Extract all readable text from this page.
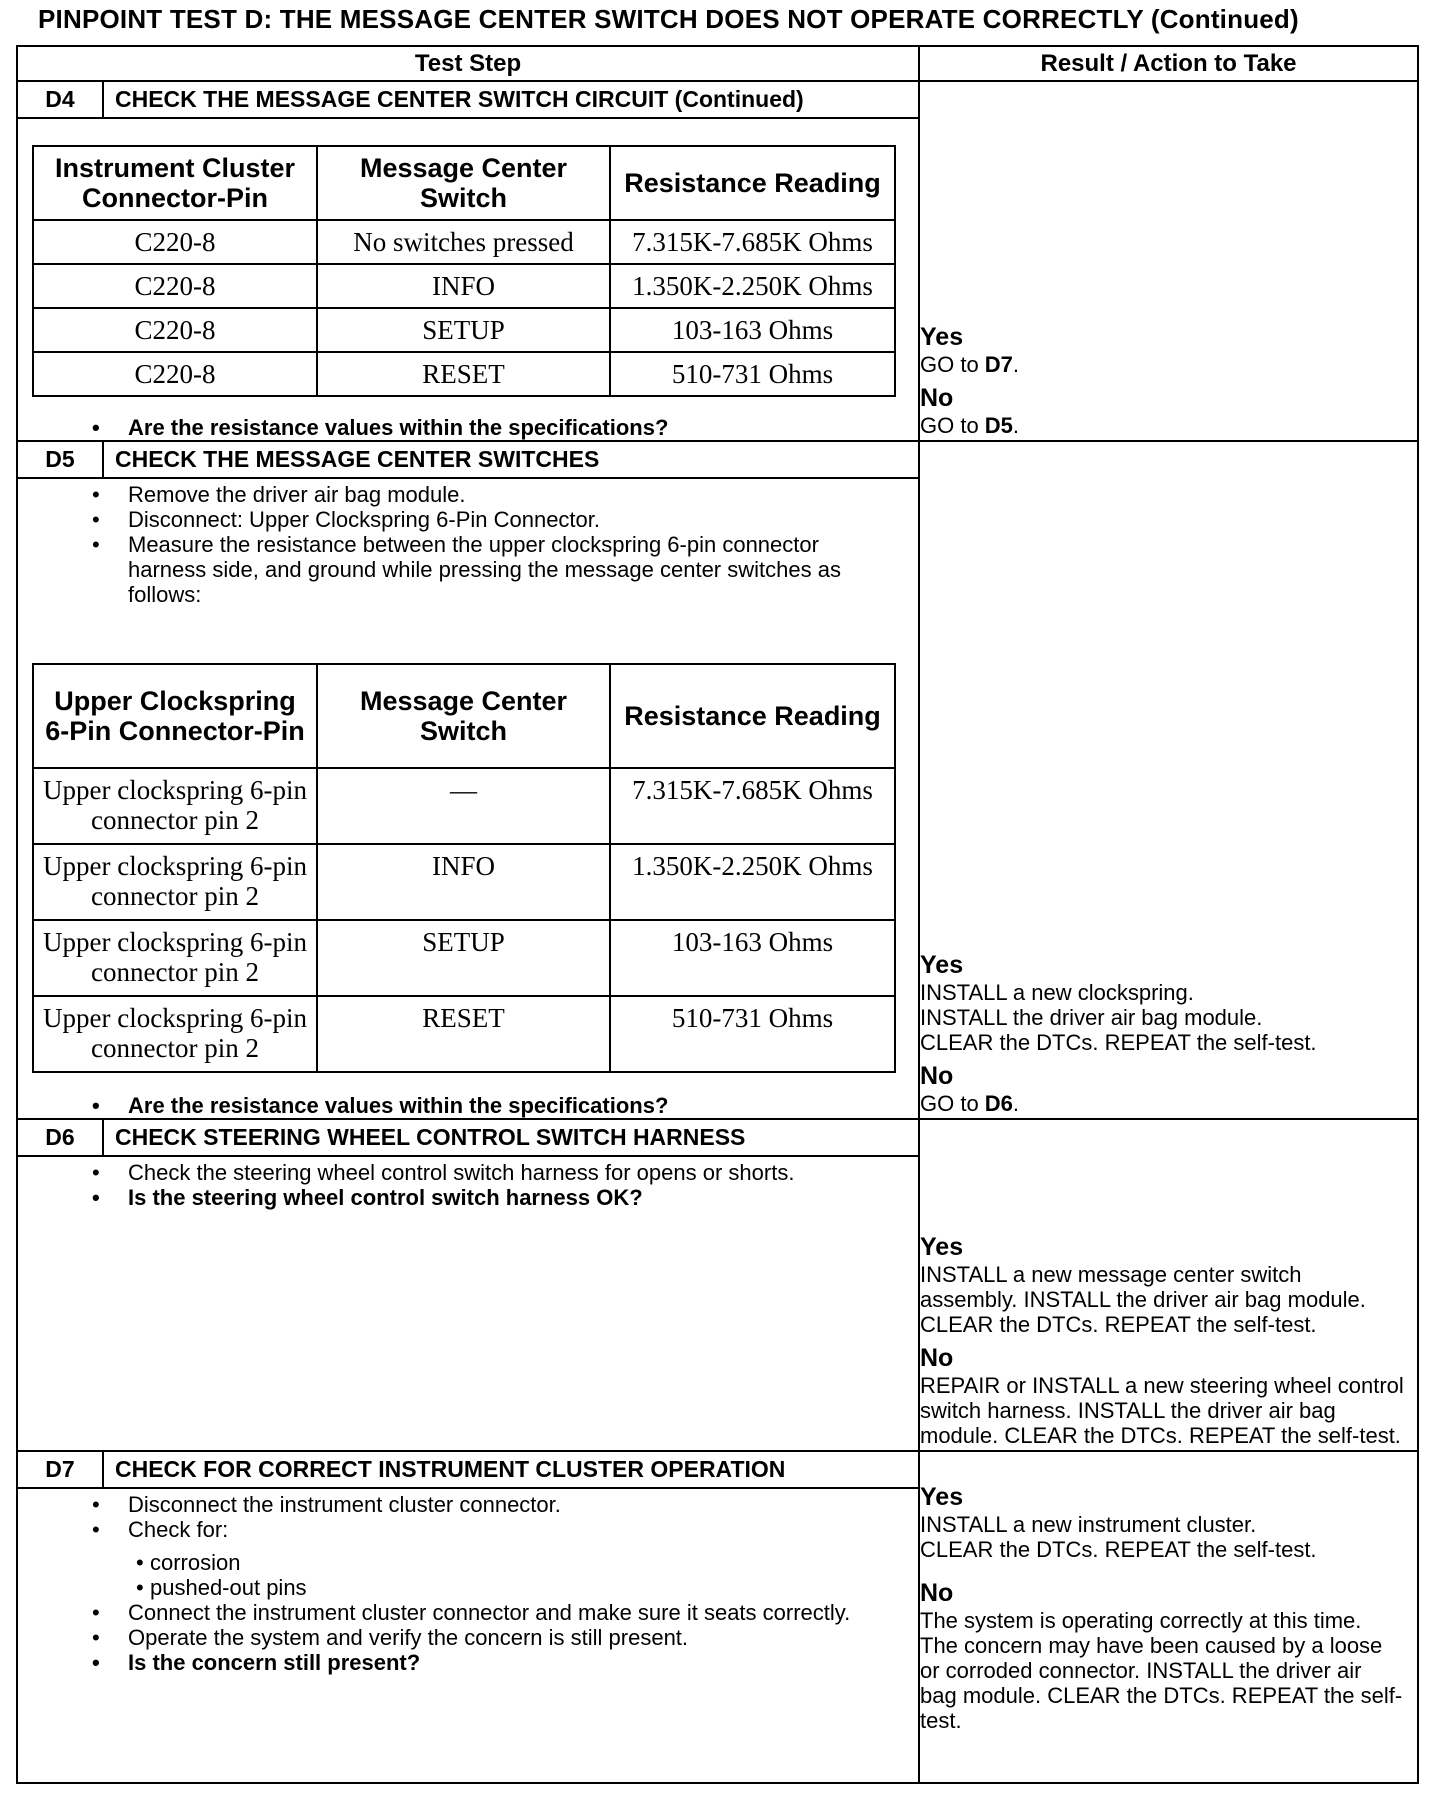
PINPOINT TEST D: THE MESSAGE CENTER SWITCH DOES NOT OPERATE CORRECTLY (Continued)
Test Step	Result / Action to Take

D4	CHECK THE MESSAGE CENTER SWITCH CIRCUIT (Continued)
Instrument Cluster Connector-Pin	Message Center Switch	Resistance Reading
C220-8	No switches pressed	7.315K-7.685K Ohms
C220-8	INFO	1.350K-2.250K Ohms
C220-8	SETUP	103-163 Ohms
C220-8	RESET	510-731 Ohms
• Are the resistance values within the specifications?

Yes
GO to D7.
No
GO to D5.

D5	CHECK THE MESSAGE CENTER SWITCHES
• Remove the driver air bag module.
• Disconnect: Upper Clockspring 6-Pin Connector.
• Measure the resistance between the upper clockspring 6-pin connector harness side, and ground while pressing the message center switches as follows:
Upper Clockspring 6-Pin Connector-Pin	Message Center Switch	Resistance Reading
Upper clockspring 6-pin connector pin 2	—	7.315K-7.685K Ohms
Upper clockspring 6-pin connector pin 2	INFO	1.350K-2.250K Ohms
Upper clockspring 6-pin connector pin 2	SETUP	103-163 Ohms
Upper clockspring 6-pin connector pin 2	RESET	510-731 Ohms
• Are the resistance values within the specifications?

Yes
INSTALL a new clockspring.
INSTALL the driver air bag module.
CLEAR the DTCs. REPEAT the self-test.
No
GO to D6.

D6	CHECK STEERING WHEEL CONTROL SWITCH HARNESS
• Check the steering wheel control switch harness for opens or shorts.
• Is the steering wheel control switch harness OK?

Yes
INSTALL a new message center switch assembly. INSTALL the driver air bag module. CLEAR the DTCs. REPEAT the self-test.
No
REPAIR or INSTALL a new steering wheel control switch harness. INSTALL the driver air bag module. CLEAR the DTCs. REPEAT the self-test.

D7	CHECK FOR CORRECT INSTRUMENT CLUSTER OPERATION
• Disconnect the instrument cluster connector.
• Check for:
• corrosion
• pushed-out pins
• Connect the instrument cluster connector and make sure it seats correctly.
• Operate the system and verify the concern is still present.
• Is the concern still present?

Yes
INSTALL a new instrument cluster.
CLEAR the DTCs. REPEAT the self-test.
No
The system is operating correctly at this time. The concern may have been caused by a loose or corroded connector. INSTALL the driver air bag module. CLEAR the DTCs. REPEAT the self-test.
